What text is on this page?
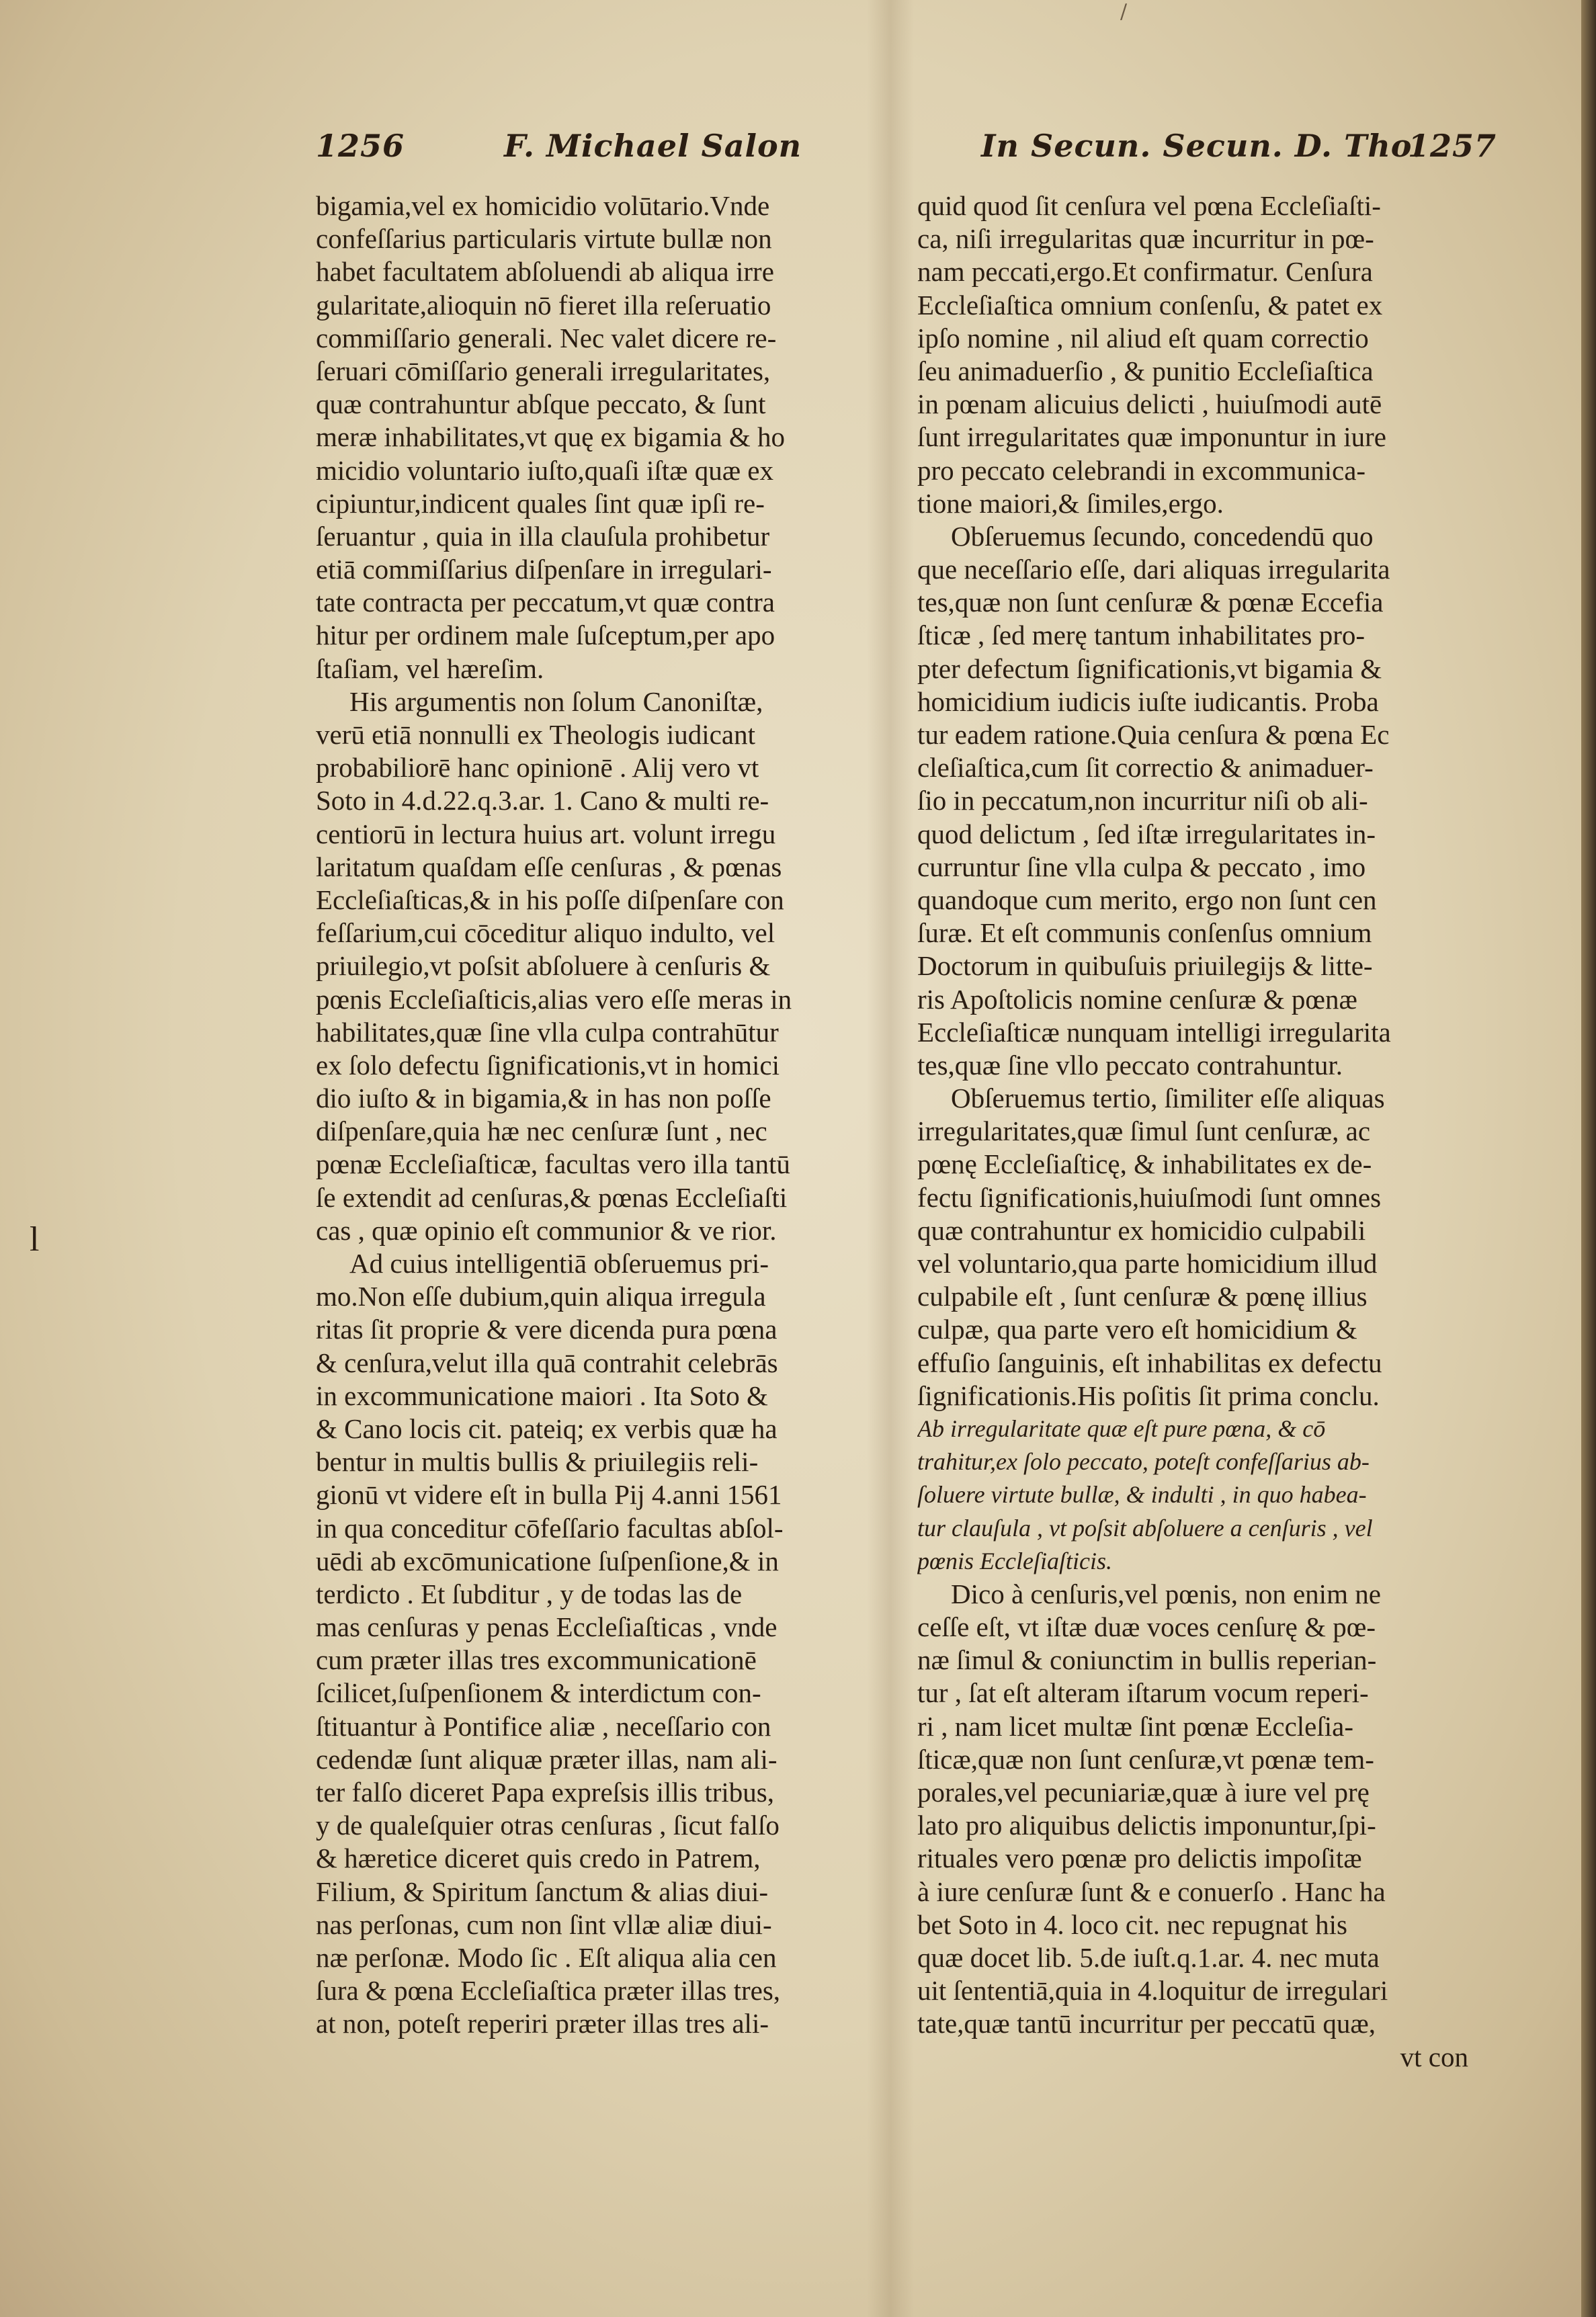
/
1256	F. Michael Salon	In Secun. Secun. D. Tho.
1257
l
bigamia,vel ex homicidio volūtario.Vnde
confeſſarius particularis virtute bullæ non
habet facultatem abſoluendi ab aliqua irre
gularitate,alioquin nō fieret illa reſeruatio
commiſſario generali. Nec valet dicere re-
ſeruari cōmiſſario generali irregularitates,
quæ contrahuntur abſque peccato, & ſunt
meræ inhabilitates,vt quę ex bigamia & ho
micidio voluntario iuſto,quaſi iſtæ quæ ex
cipiuntur,indicent quales ſint quæ ipſi re-
ſeruantur , quia in illa clauſula prohibetur
etiā commiſſarius diſpenſare in irregulari-
tate contracta per peccatum,vt quæ contra
hitur per ordinem male ſuſceptum,per apo
ſtaſiam, vel hæreſim.
His argumentis non ſolum Canoniſtæ,
verū etiā nonnulli ex Theologis iudicant
probabiliorē hanc opinionē . Alij vero vt
Soto in 4.d.22.q.3.ar. 1. Cano & multi re-
centiorū in lectura huius art. volunt irregu
laritatum quaſdam eſſe cenſuras , & pœnas
Eccleſiaſticas,& in his poſſe diſpenſare con
feſſarium,cui cōceditur aliquo indulto, vel
priuilegio,vt poſsit abſoluere à cenſuris &
pœnis Eccleſiaſticis,alias vero eſſe meras in
habilitates,quæ ſine vlla culpa contrahūtur
ex ſolo defectu ſignificationis,vt in homici
dio iuſto & in bigamia,& in has non poſſe
diſpenſare,quia hæ nec cenſuræ ſunt , nec
pœnæ Eccleſiaſticæ, facultas vero illa tantū
ſe extendit ad cenſuras,& pœnas Eccleſiaſti
cas , quæ opinio eſt communior & ve rior.
Ad cuius intelligentiā obſeruemus pri-
mo.Non eſſe dubium,quin aliqua irregula
ritas ſit proprie & vere dicenda pura pœna
& cenſura,velut illa quā contrahit celebrās
in excommunicatione maiori . Ita Soto &
& Cano locis cit. pateiq; ex verbis quæ ha
bentur in multis bullis & priuilegiis reli-
gionū vt videre eſt in bulla Pij 4.anni 1561
in qua conceditur cōfeſſario facultas abſol-
uēdi ab excōmunicatione ſuſpenſione,& in
terdicto . Et ſubditur , y de todas las de
mas cenſuras y penas Eccleſiaſticas , vnde
cum præter illas tres excommunicationē
ſcilicet,ſuſpenſionem & interdictum con-
ſtituantur à Pontifice aliæ , neceſſario con
cedendæ ſunt aliquæ præter illas, nam ali-
ter falſo diceret Papa expreſsis illis tribus,
y de qualeſquier otras cenſuras , ſicut falſo
& hæretice diceret quis credo in Patrem,
Filium, & Spiritum ſanctum & alias diui-
nas perſonas, cum non ſint vllæ aliæ diui-
næ perſonæ. Modo ſic . Eſt aliqua alia cen
ſura & pœna Eccleſiaſtica præter illas tres,
at non, poteſt reperiri præter illas tres ali-
quid quod ſit cenſura vel pœna Eccleſiaſti-
ca, niſi irregularitas quæ incurritur in pœ-
nam peccati,ergo.Et confirmatur. Cenſura
Eccleſiaſtica omnium conſenſu, & patet ex
ipſo nomine , nil aliud eſt quam correctio
ſeu animaduerſio , & punitio Eccleſiaſtica
in pœnam alicuius delicti , huiuſmodi autē
ſunt irregularitates quæ imponuntur in iure
pro peccato celebrandi in excommunica-
tione maiori,& ſimiles,ergo.
Obſeruemus ſecundo, concedendū quo
que neceſſario eſſe, dari aliquas irregularita
tes,quæ non ſunt cenſuræ & pœnæ Eccefia
ſticæ , ſed merę tantum inhabilitates pro-
pter defectum ſignificationis,vt bigamia &
homicidium iudicis iuſte iudicantis. Proba
tur eadem ratione.Quia cenſura & pœna Ec
cleſiaſtica,cum ſit correctio & animaduer-
ſio in peccatum,non incurritur niſi ob ali-
quod delictum , ſed iſtæ irregularitates in-
curruntur ſine vlla culpa & peccato , imo
quandoque cum merito, ergo non ſunt cen
ſuræ. Et eſt communis conſenſus omnium
Doctorum in quibuſuis priuilegijs & litte-
ris Apoſtolicis nomine cenſuræ & pœnæ
Eccleſiaſticæ nunquam intelligi irregularita
tes,quæ ſine vllo peccato contrahuntur.
Obſeruemus tertio, ſimiliter eſſe aliquas
irregularitates,quæ ſimul ſunt cenſuræ, ac
pœnę Eccleſiaſticę, & inhabilitates ex de-
fectu ſignificationis,huiuſmodi ſunt omnes
quæ contrahuntur ex homicidio culpabili
vel voluntario,qua parte homicidium illud
culpabile eſt , ſunt cenſuræ & pœnę illius
culpæ, qua parte vero eſt homicidium &
effuſio ſanguinis, eſt inhabilitas ex defectu
ſignificationis.His poſitis ſit prima conclu.
Ab irregularitate quæ eſt pure pœna, & cō
trahitur,ex ſolo peccato, poteſt confeſſarius ab-
ſoluere virtute bullæ, & indulti , in quo habea-
tur clauſula , vt poſsit abſoluere a cenſuris , vel
pœnis Eccleſiaſticis.
Dico à cenſuris,vel pœnis, non enim ne
ceſſe eſt, vt iſtæ duæ voces cenſurę & pœ-
næ ſimul & coniunctim in bullis reperian-
tur , ſat eſt alteram iſtarum vocum reperi-
ri , nam licet multæ ſint pœnæ Eccleſia-
ſticæ,quæ non ſunt cenſuræ,vt pœnæ tem-
porales,vel pecuniariæ,quæ à iure vel prę
lato pro aliquibus delictis imponuntur,ſpi-
rituales vero pœnæ pro delictis impoſitæ
à iure cenſuræ ſunt & e conuerſo . Hanc ha
bet Soto in 4. loco cit. nec repugnat his
quæ docet lib. 5.de iuſt.q.1.ar. 4. nec muta
uit ſententiā,quia in 4.loquitur de irregulari
tate,quæ tantū incurritur per peccatū quæ,
vt con
